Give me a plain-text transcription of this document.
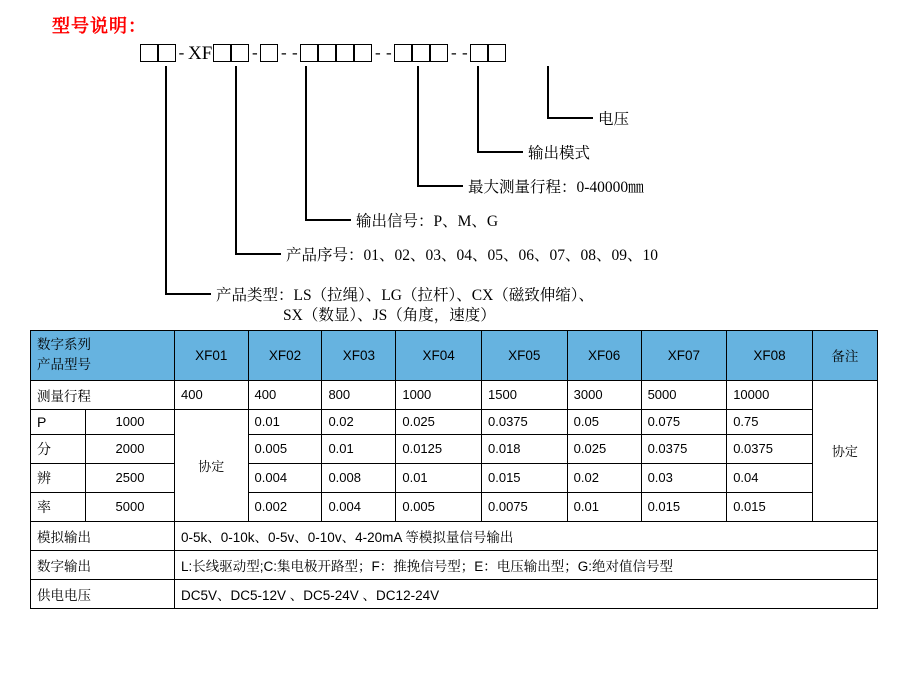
型号说明：
- XF - - -	- -	- -
电压
输出模式
最大测量行程：0-40000㎜
输出信号：P、M、G
产品序号：01、02、03、04、05、06、07、08、09、10
产品类型：LS（拉绳）、LG（拉杆）、CX（磁致伸缩）、
SX（数显）、JS（角度，速度）
数字系列
产品型号		XF01	XF02	XF03	XF04	XF05	XF06	XF07	XF08	备注
测量行程		400	400	800	1000	1500	3000	5000	10000	协定
P	1000	协定	0.01	0.02	0.025	0.0375	0.05	0.075	0.75	
分	2000		0.005	0.01	0.0125	0.018	0.025	0.0375	0.0375	
辨	2500		0.004	0.008	0.01	0.015	0.02	0.03	0.04	
率	5000		0.002	0.004	0.005	0.0075	0.01	0.015	0.015	
模拟输出		0-5k、0-10k、0-5v、0-10v、4-20mA 等模拟量信号输出								
数字输出		L:长线驱动型;C:集电极开路型；F：推挽信号型；E：电压输出型；G:绝对值信号型								
供电电压		DC5V、DC5-12V 、DC5-24V 、DC12-24V								
